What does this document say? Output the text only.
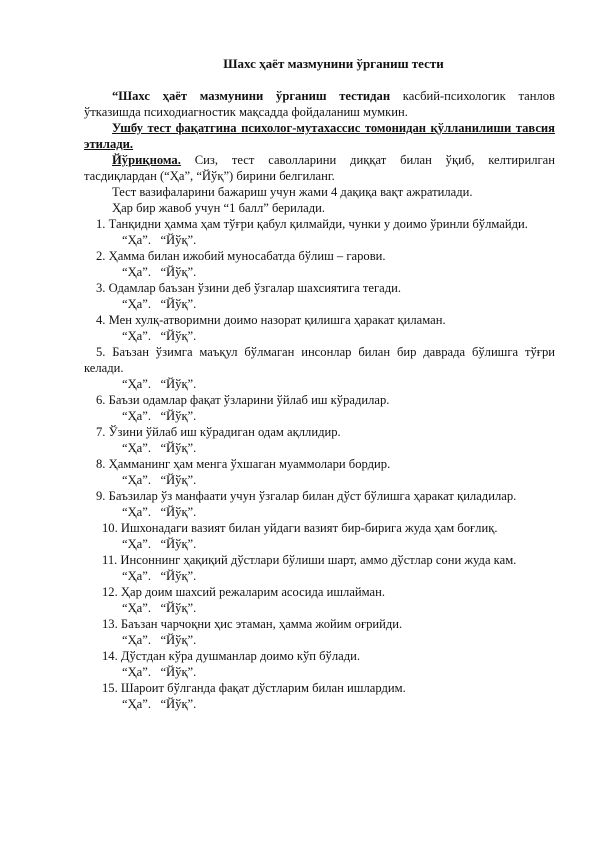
Шахс ҳаёт мазмунини ўрганиш тести
“Шахс ҳаёт мазмунини ўрганиш тестидан касбий-психологик танлов ўтказишда психодиагностик мақсадда фойдаланиш мумкин.
Ушбу тест фақатгина психолог-мутахассис томонидан қўлланилиши тавсия этилади.
Йўриқнома. Сиз, тест саволларини диққат билан ўқиб, келтирилган тасдиқлардан (“Ҳа”, “Йўқ”) бирини белгиланг.
Тест вазифаларини бажариш учун жами 4 дақиқа вақт ажратилади.
Ҳар бир жавоб учун “1 балл” берилади.
1. Танқидни ҳамма ҳам тўғри қабул қилмайди, чунки у доимо ўринли бўлмайди.
“Ҳа”.   “Йўқ”.
2. Ҳамма билан ижобий муносабатда бўлиш – гарови.
“Ҳа”.   “Йўқ”.
3. Одамлар баъзан ўзини деб ўзгалар шахсиятига тегади.
“Ҳа”.   “Йўқ”.
4. Мен хулқ-атворимни доимо назорат қилишга ҳаракат қиламан.
“Ҳа”.   “Йўқ”.
5. Баъзан ўзимга маъқул бўлмаган инсонлар билан бир даврада бўлишга тўғри келади.
“Ҳа”.   “Йўқ”.
6. Баъзи одамлар фақат ўзларини ўйлаб иш кўрадилар.
“Ҳа”.   “Йўқ”.
7. Ўзини ўйлаб иш кўрадиган одам ақллидир.
“Ҳа”.   “Йўқ”.
8. Ҳамманинг ҳам менга ўхшаган муаммолари бордир.
“Ҳа”.   “Йўқ”.
9. Баъзилар ўз манфаати учун ўзгалар билан дўст бўлишга ҳаракат қиладилар.
“Ҳа”.   “Йўқ”.
10. Ишхонадаги вазият билан уйдаги вазият бир-бирига жуда ҳам боғлиқ.
“Ҳа”.   “Йўқ”.
11. Инсоннинг ҳақиқий дўстлари бўлиши шарт, аммо дўстлар сони жуда кам.
“Ҳа”.   “Йўқ”.
12. Ҳар доим шахсий режаларим асосида ишлайман.
“Ҳа”.   “Йўқ”.
13. Баъзан чарчоқни ҳис этаман, ҳамма жойим оғрийди.
“Ҳа”.   “Йўқ”.
14. Дўстдан кўра душманлар доимо кўп бўлади.
“Ҳа”.   “Йўқ”.
15. Шароит бўлганда фақат дўстларим билан ишлардим.
“Ҳа”.   “Йўқ”.
